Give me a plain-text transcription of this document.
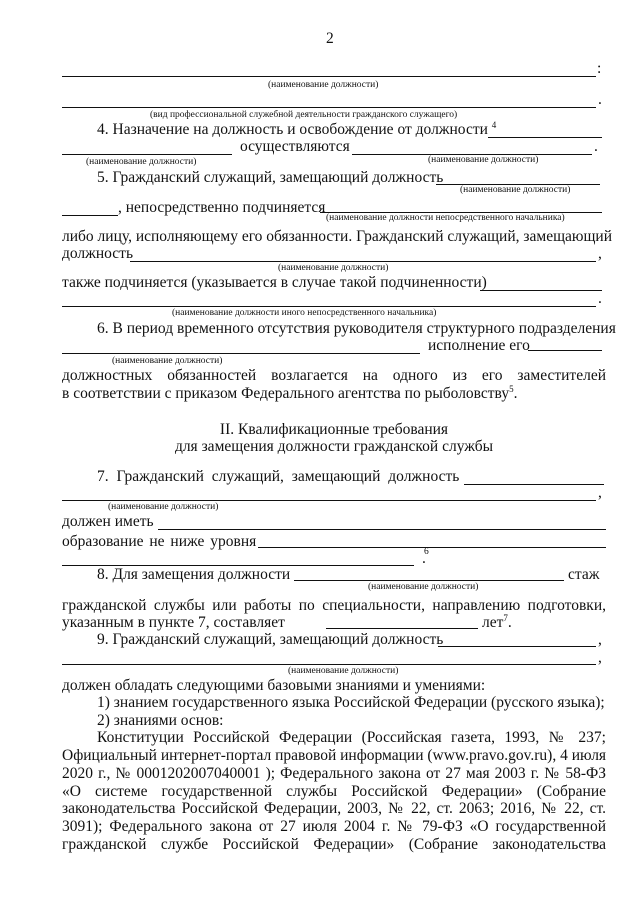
2
:
(наименование должности)
.
(вид профессиональной служебной деятельности гражданского служащего)
4. Назначение на должность и освобождение от должности $^4$
осуществляются	.
(наименование должности)	(наименование должности)
5. Гражданский служащий, замещающий должность
(наименование должности)
, непосредственно подчиняется
(наименование должности непосредственного начальника)
либо лицу, исполняющему его обязанности. Гражданский служащий, замещающий
должность	,
(наименование должности)
также подчиняется (указывается в случае такой подчиненности)
.
(наименование должности иного непосредственного начальника)
6. В период временного отсутствия руководителя структурного подразделения
исполнение его
(наименование должности)
должностных обязанностей возлагается на одного из его заместителей
в соответствии с приказом Федерального агентства по рыболовству$^5$.
II. Квалификационные требования
для замещения должности гражданской службы
7. Гражданский служащий, замещающий должность
,
(наименование должности)
должен иметь
образование не ниже уровня
6
.
8. Для замещения должности	стаж
(наименование должности)
гражданской службы или работы по специальности, направлению подготовки,
указанным в пункте 7, составляет	лет$^7$.
9. Гражданский служащий, замещающий должность	,
,
(наименование должности)
должен обладать следующими базовыми знаниями и умениями:
1) знанием государственного языка Российской Федерации (русского языка);
2) знаниями основ:
Конституции Российской Федерации (Российская газета, 1993, № 237;
Официальный интернет-портал правовой информации (www.pravo.gov.ru), 4 июля
2020 г., № 0001202007040001 ); Федерального закона от 27 мая 2003 г. № 58-ФЗ
«О системе государственной службы Российской Федерации» (Собрание
законодательства Российской Федерации, 2003, № 22, ст. 2063; 2016, № 22, ст.
3091); Федерального закона от 27 июля 2004 г. № 79-ФЗ «О государственной
гражданской службе Российской Федерации» (Собрание законодательства
